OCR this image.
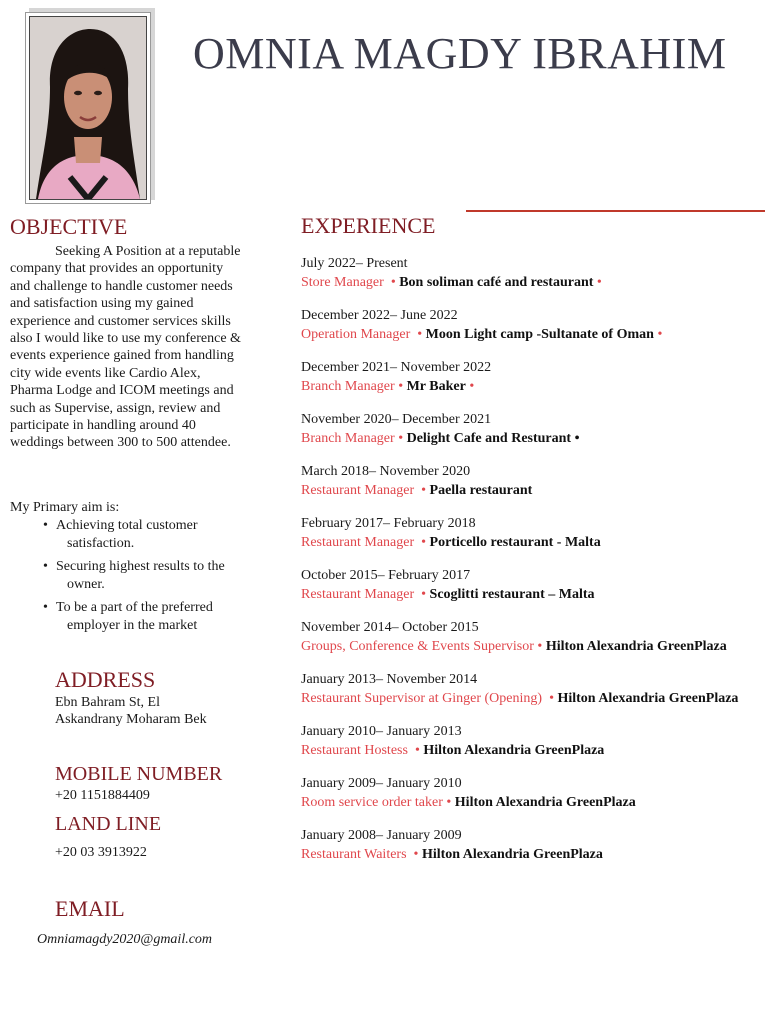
OMNIA MAGDY IBRAHIM
OBJECTIVE

Seeking A Position at a reputable company that provides an opportunity and challenge to handle customer needs and satisfaction using my gained experience and customer services skills also I would like to use my conference & events experience gained from handling city wide events like Cardio Alex, Pharma Lodge and ICOM meetings and such as Supervise, assign, review and participate in handling around 40 weddings between 300 to 500 attendee.

My Primary aim is:

• Achieving total customer satisfaction.
• Securing highest results to the owner.
• To be a part of the preferred employer in the market
ADDRESS

Ebn Bahram St, El

Askandrany Moharam Bek

MOBILE NUMBER

+20 1151884409

LAND LINE

+20 03 3913922

EMAIL

Omniamagdy2020@gmail.com

EXPERIENCE

July 2022– Present

Store Manager  • Bon soliman café and restaurant •

December 2022– June 2022

Operation Manager  • Moon Light camp -Sultanate of Oman •

December 2021– November 2022

Branch Manager • Mr Baker •

November 2020– December 2021

Branch Manager • Delight Cafe and Resturant •

March 2018– November 2020

Restaurant Manager  • Paella restaurant

February 2017– February 2018

Restaurant Manager  • Porticello restaurant - Malta

October 2015– February 2017

Restaurant Manager  • Scoglitti restaurant – Malta

November 2014– October 2015

Groups, Conference & Events Supervisor • Hilton Alexandria GreenPlaza

January 2013– November 2014

Restaurant Supervisor at Ginger (Opening)  • Hilton Alexandria GreenPlaza

January 2010– January 2013

Restaurant Hostess  • Hilton Alexandria GreenPlaza

January 2009– January 2010

Room service order taker • Hilton Alexandria GreenPlaza

January 2008– January 2009

Restaurant Waiters  • Hilton Alexandria GreenPlaza
